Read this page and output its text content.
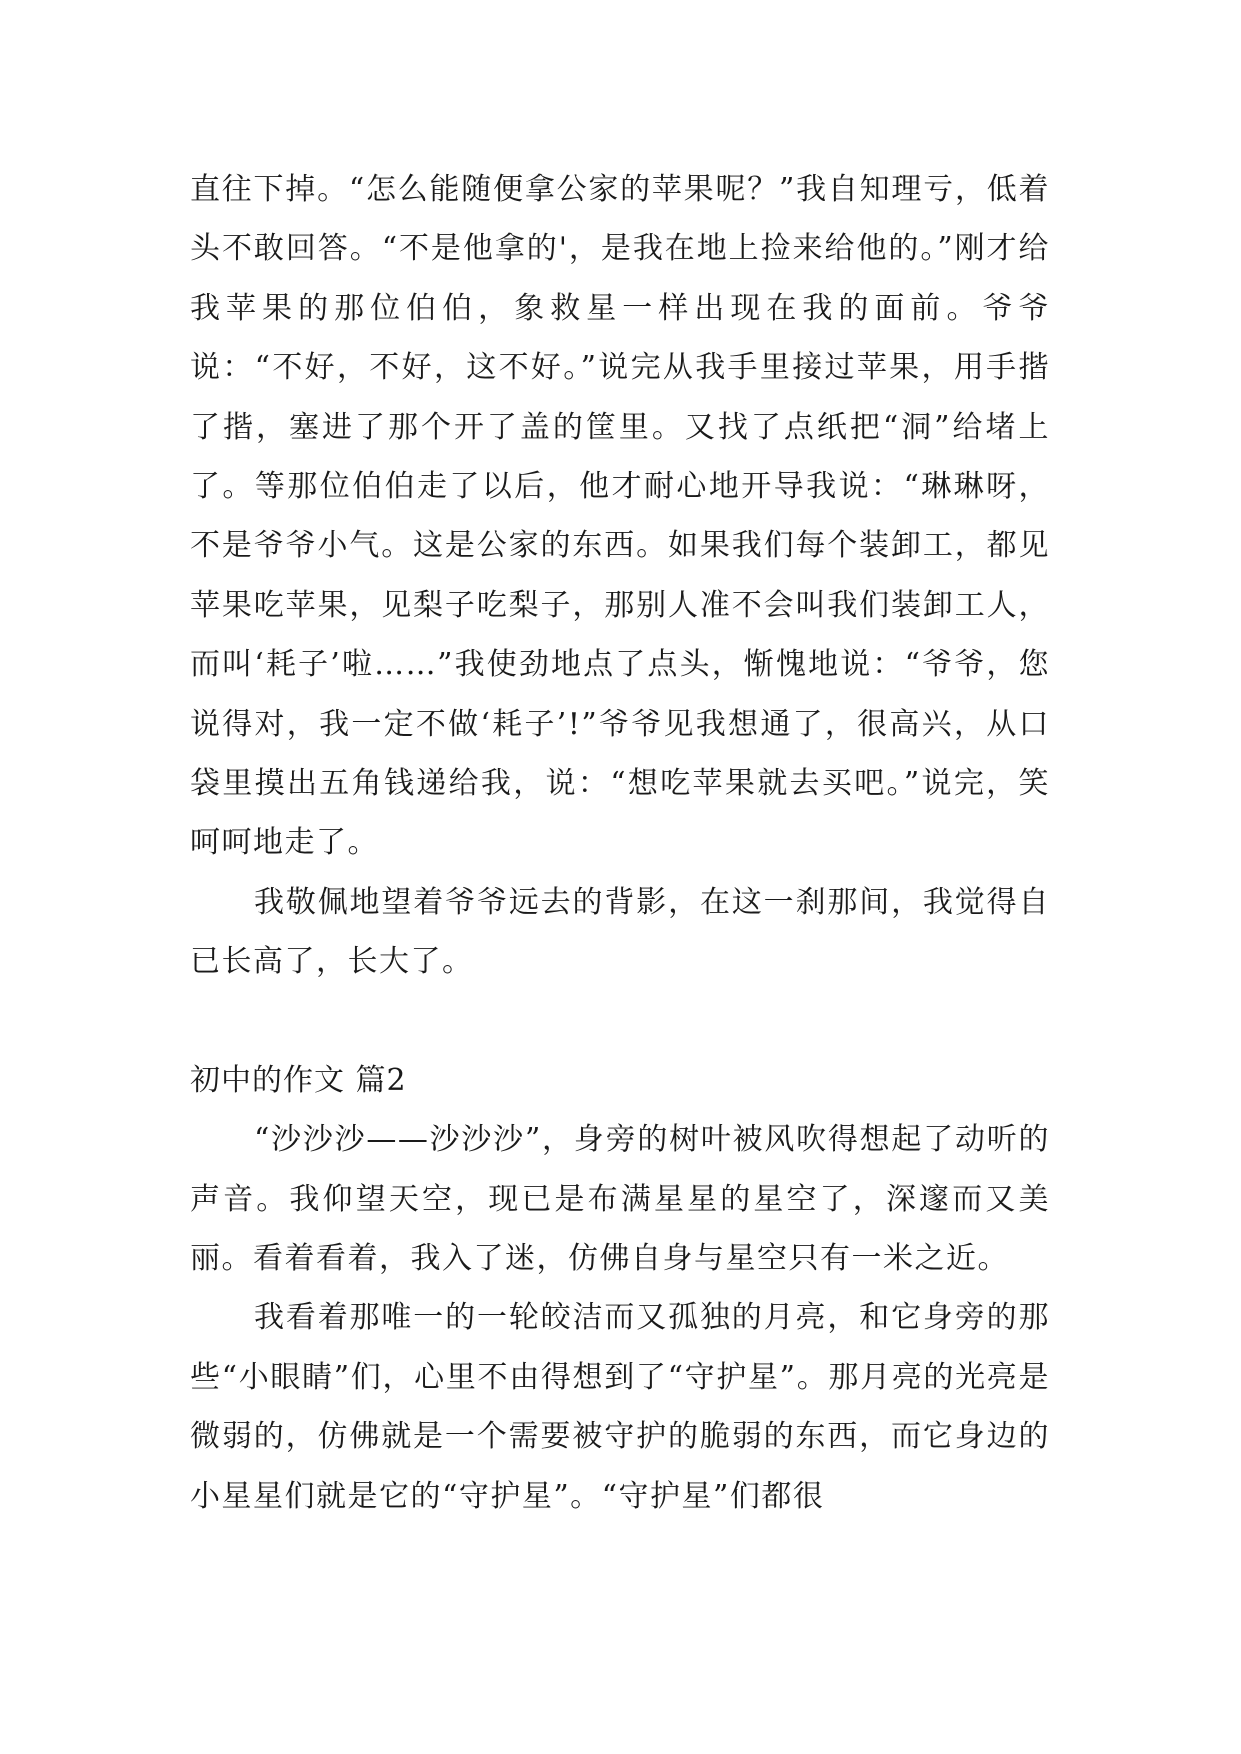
直往下掉。“怎么能随便拿公家的苹果呢？”我自知理亏，低着头不敢回答。“不是他拿的'，是我在地上捡来给他的。”刚才给我苹果的那位伯伯，象救星一样出现在我的面前。爷爷说：“不好，不好，这不好。”说完从我手里接过苹果，用手揩了揩，塞进了那个开了盖的筐里。又找了点纸把“洞”给堵上了。等那位伯伯走了以后，他才耐心地开导我说：“琳琳呀，不是爷爷小气。这是公家的东西。如果我们每个装卸工，都见苹果吃苹果，见梨子吃梨子，那别人准不会叫我们装卸工人，而叫‘耗子’啦……”我使劲地点了点头，惭愧地说：“爷爷，您说得对，我一定不做‘耗子’!”爷爷见我想通了，很高兴，从口袋里摸出五角钱递给我，说：“想吃苹果就去买吧。”说完，笑呵呵地走了。

我敬佩地望着爷爷远去的背影，在这一刹那间，我觉得自已长高了，长大了。

初中的作文 篇2

“沙沙沙——沙沙沙”，身旁的树叶被风吹得想起了动听的声音。我仰望天空，现已是布满星星的星空了，深邃而又美丽。看着看着，我入了迷，仿佛自身与星空只有一米之近。

我看着那唯一的一轮皎洁而又孤独的月亮，和它身旁的那些“小眼睛”们，心里不由得想到了“守护星”。那月亮的光亮是微弱的，仿佛就是一个需要被守护的脆弱的东西，而它身边的小星星们就是它的“守护星”。“守护星”们都很
